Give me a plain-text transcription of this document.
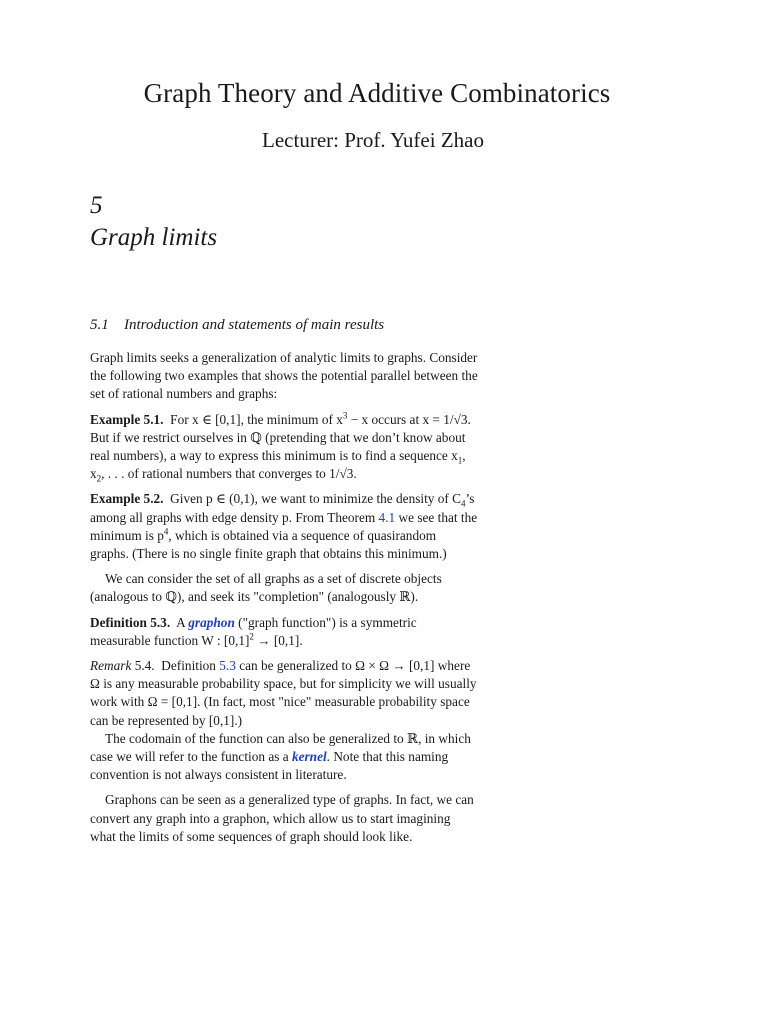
Graph Theory and Additive Combinatorics
Lecturer: Prof. Yufei Zhao
5
Graph limits
5.1 Introduction and statements of main results

Graph limits seeks a generalization of analytic limits to graphs. Consider the following two examples that shows the potential parallel between the set of rational numbers and graphs:

Example 5.1. For x ∈ [0,1], the minimum of $x^3 - x$ occurs at x = 1/√3. But if we restrict ourselves in ℚ (pretending that we don’t know about real numbers), a way to express this minimum is to find a sequence $x_1$, $x_2$, . . . of rational numbers that converges to 1/√3.

Example 5.2. Given p ∈ (0,1), we want to minimize the density of $C_4’s$ among all graphs with edge density p. From Theorem 4.1 we see that the minimum is $p^4$, which is obtained via a sequence of quasirandom graphs. (There is no single finite graph that obtains this minimum.)

We can consider the set of all graphs as a set of discrete objects (analogous to ℚ), and seek its "completion" (analogously ℝ).

Definition 5.3. A graphon ("graph function") is a symmetric measurable function W : $[0,1]^2 \to [0,1]$.

Remark 5.4. Definition 5.3 can be generalized to Ω × Ω → [0,1] where Ω is any measurable probability space, but for simplicity we will usually work with Ω = [0,1]. (In fact, most "nice" measurable probability space can be represented by [0,1].)

The codomain of the function can also be generalized to ℝ, in which case we will refer to the function as a kernel. Note that this naming convention is not always consistent in literature.

Graphons can be seen as a generalized type of graphs. In fact, we can convert any graph into a graphon, which allow us to start imagining what the limits of some sequences of graph should look like.
